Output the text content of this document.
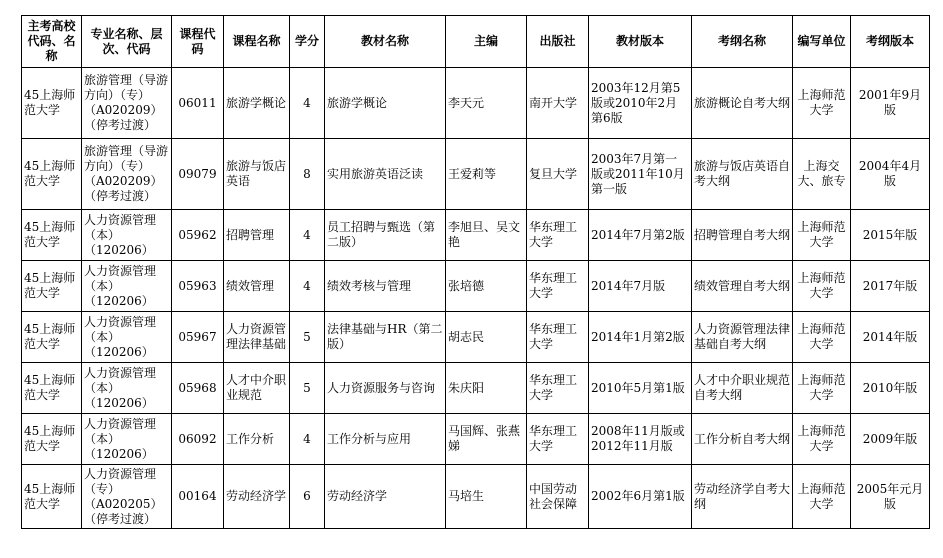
主考高校代码、名称	专业名称、层次、代码	课程代码	课程名称	学分	教材名称	主编	出版社	教材版本	考纲名称	编写单位	考纲版本
45上海师范大学	旅游管理（导游方向）（专）（A020209）（停考过渡）	06011	旅游学概论	4	旅游学概论	李天元	南开大学	2003年12月第5版或2010年2月第6版	旅游概论自考大纲	上海师范大学	2001年9月版
45上海师范大学	旅游管理（导游方向）（专）（A020209）（停考过渡）	09079	旅游与饭店英语	8	实用旅游英语泛读	王爱莉等	复旦大学	2003年7月第一版或2011年10月第一版	旅游与饭店英语自考大纲	上海交大、旅专	2004年4月版
45上海师范大学	人力资源管理（本）（120206）	05962	招聘管理	4	员工招聘与甄选（第二版）	李旭旦、吴文艳	华东理工大学	2014年7月第2版	招聘管理自考大纲	上海师范大学	2015年版
45上海师范大学	人力资源管理（本）（120206）	05963	绩效管理	4	绩效考核与管理	张培德	华东理工大学	2014年7月版	绩效管理自考大纲	上海师范大学	2017年版
45上海师范大学	人力资源管理（本）（120206）	05967	人力资源管理法律基础	5	法律基础与HR（第二版）	胡志民	华东理工大学	2014年1月第2版	人力资源管理法律基础自考大纲	上海师范大学	2014年版
45上海师范大学	人力资源管理（本）（120206）	05968	人才中介职业规范	5	人力资源服务与咨询	朱庆阳	华东理工大学	2010年5月第1版	人才中介职业规范自考大纲	上海师范大学	2010年版
45上海师范大学	人力资源管理（本）（120206）	06092	工作分析	4	工作分析与应用	马国辉、张燕娣	华东理工大学	2008年11月版或2012年11月版	工作分析自考大纲	上海师范大学	2009年版
45上海师范大学	人力资源管理（专）（A020205）（停考过渡）	00164	劳动经济学	6	劳动经济学	马培生	中国劳动社会保障	2002年6月第1版	劳动经济学自考大纲	上海师范大学	2005年元月版
